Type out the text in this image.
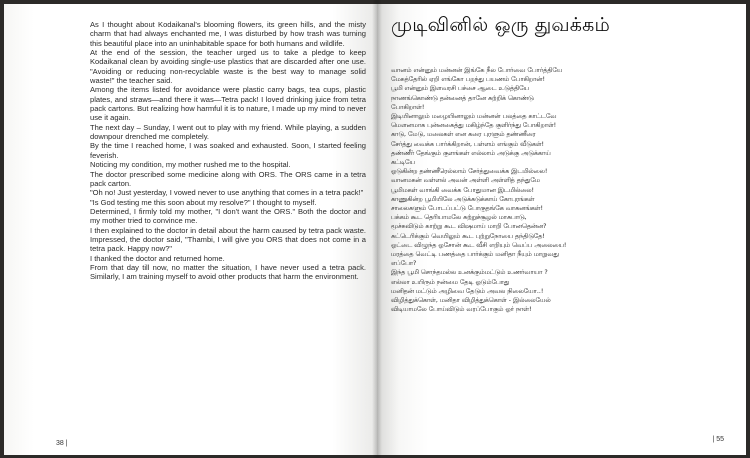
As I thought about Kodaikanal's blooming flowers, its green hills, and the misty charm that had always enchanted me, I was disturbed by how trash was turning this beautiful place into an uninhabitable space for both humans and wildlife.

At the end of the session, the teacher urged us to take a pledge to keep Kodaikanal clean by avoiding single-use plastics that are discarded after one use. "Avoiding or reducing non-recyclable waste is the best way to manage solid waste!" the teacher said.

Among the items listed for avoidance were plastic carry bags, tea cups, plastic plates, and straws—and there it was—Tetra pack! I loved drinking juice from tetra pack cartons. But realizing how harmful it is to nature, I made up my mind to never use it again.

The next day – Sunday, I went out to play with my friend. While playing, a sudden downpour drenched me completely.

By the time I reached home, I was soaked and exhausted. Soon, I started feeling feverish.

Noticing my condition, my mother rushed me to the hospital.

The doctor prescribed some medicine along with ORS. The ORS came in a tetra pack carton.

"Oh no! Just yesterday, I vowed never to use anything that comes in a tetra pack!"

"Is God testing me this soon about my resolve?" I thought to myself.

Determined, I firmly told my mother, "I don't want the ORS." Both the doctor and my mother tried to convince me.

I then explained to the doctor in detail about the harm caused by tetra pack waste. Impressed, the doctor said, "Thambi, I will give you ORS that does not come in a tetra pack. Happy now?"

I thanked the doctor and returned home.

From that day till now, no matter the situation, I have never used a tetra pack. Similarly, I am training myself to avoid other products that harm the environment.

38 |
முடிவினில் ஒரு துவக்கம்
வானம் என்னும் மன்னன் இங்கே நீல போர்வை போர்த்தியே
மேகத்தேரில் ஏறி எங்கோ பறந்து பயணம் போகிறான்!
பூமி என்னும் இளவரசி பச்சை ஆடை உடுத்தியே
நாணங்கொண்டு தன்னைத் தானே சுற்றிக் கொண்டு
போகிறாள்!
இடியினாலும் மழையினாலும் மன்னன் பலத்தை காட்டவே
மௌனமாக புன்னகைத்து மகிழ்ந்தே குளிர்ந்து போகிறாள்!
காடு, மேடு, மலைகள் என கரை புரளும் தண்ணீரை
சேர்த்து வைக்க பார்க்கிறான், பள்ளம் எங்கும் வீடுகள்!
தண்ணீர் தேங்கும் குளங்கள் எல்லாம் அடுக்கு அடுக்காய்
கட்டியே
ஓடுகின்ற தண்ணீரெல்லாம் சேர்த்துவைக்க இடமில்லை!
வானமகன் வள்ளல் அவன் அள்ளி அள்ளித் தந்துமே
பூமிமகள் வாங்கி வைக்க போதுமான இடமில்லை!
காணுகின்ற பூமியிலே அடுக்கடுக்காய் கோபுரங்கள்
சாலைகளும் போடப்பட்டு போகுதங்கே வாகனங்கள்!
பக்கம் கூட தெரியாமலே சுற்றுச்சூழல் மாசுபாடு,
மூச்சுவிடும் காற்று கூட விஷமாய் மாறி போனதென்ன?
சுட்டெரிக்கும் வெயிலும் கூட புற்றுநோயை தந்திடுதே!
ஓட்டை விழுந்த ஓசோன் கூட வீசி எறியும் வெப்ப அலையை!
மரத்தை வெட்டி பணத்தை பார்க்கும் மனிதா நீயும் மாறுவது
எப்போ?
இந்த பூமி சொந்தமல்ல உனக்கும்மட்டும் உணர்வாயா ?
எல்லா உயிரும் நன்மை தேடி ஓடும்போது
மனிதன் மட்டும் அழிவை தேடும் அவல நிலையோ..!
விழித்துக்கொள், மனிதா விழித்துக்கொள் - இல்லையேல்
விடியாமலே போய்விடும் வரப்போகும் ஓர் நாள்!
| 55
